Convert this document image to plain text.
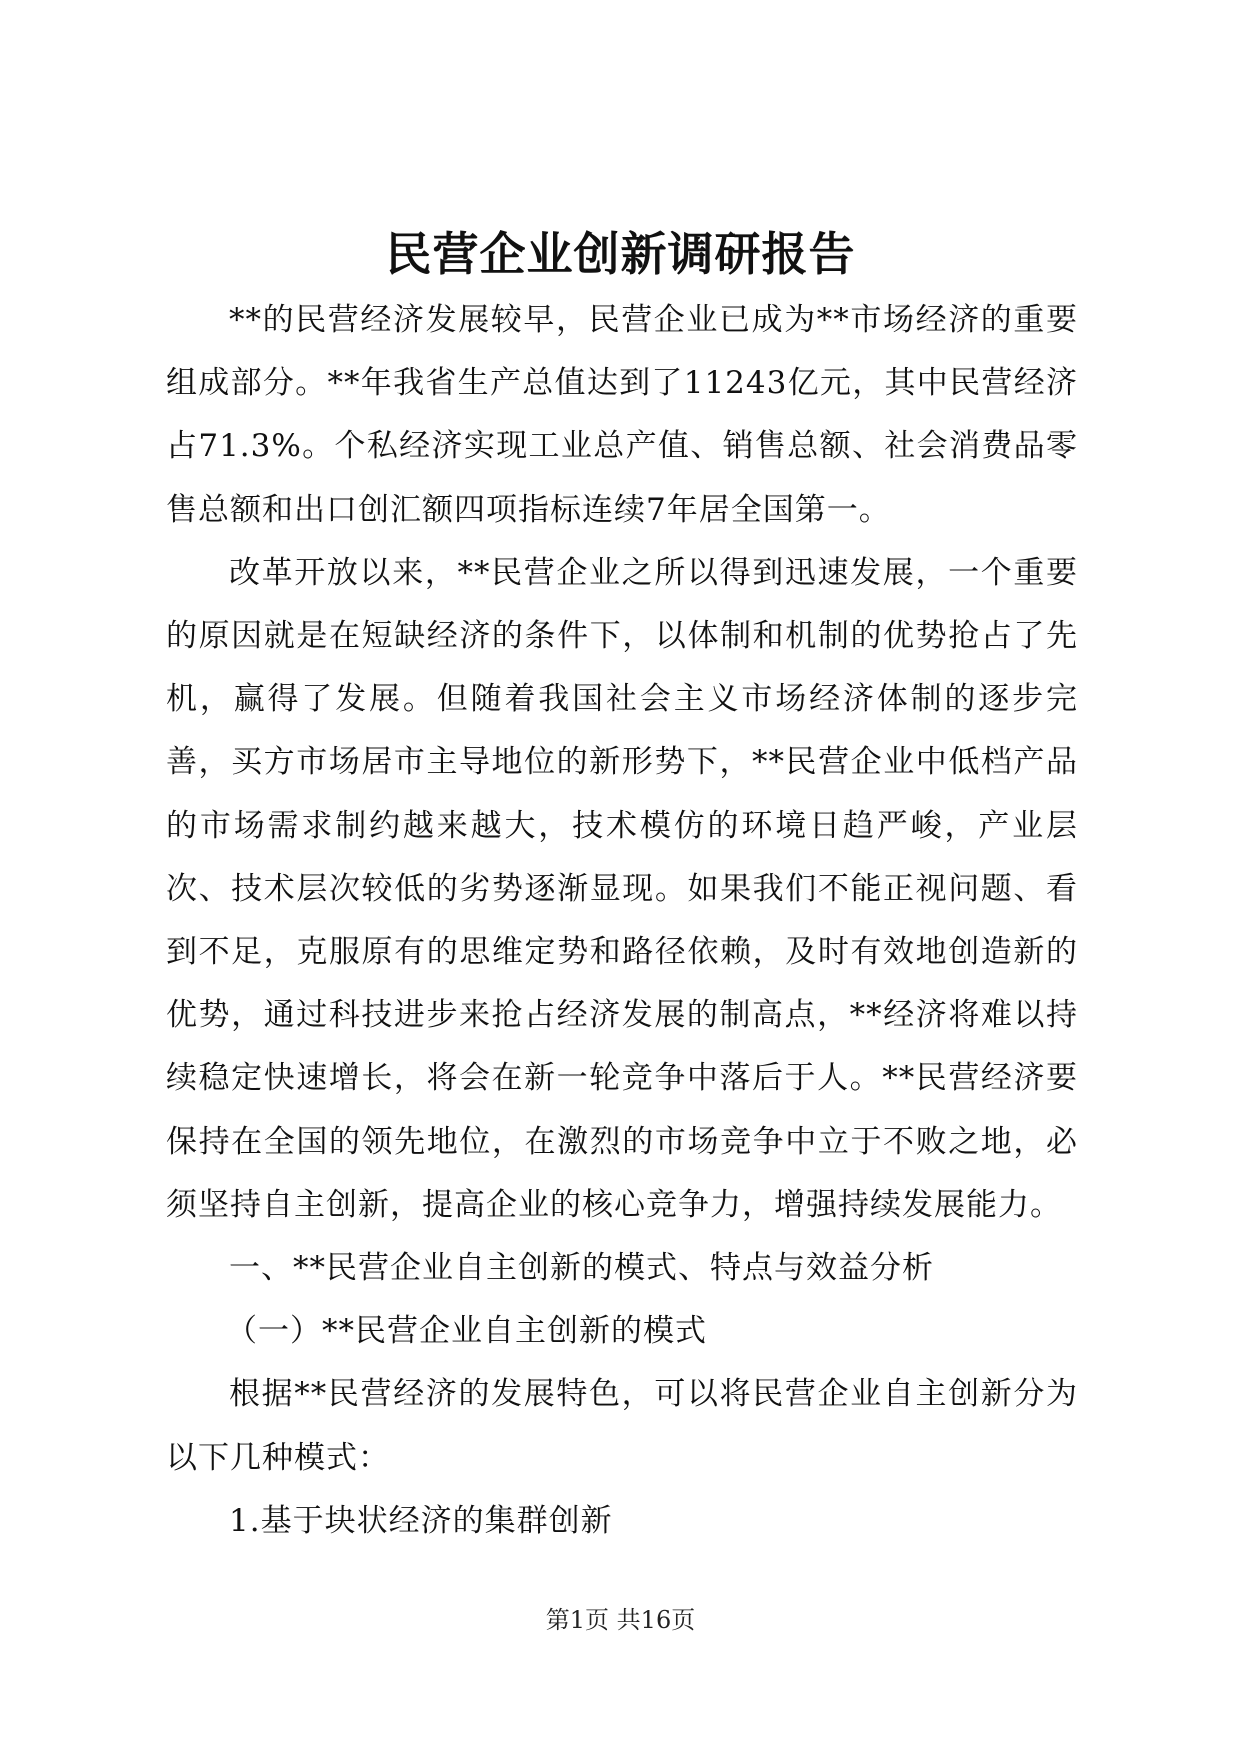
民营企业创新调研报告

**的民营经济发展较早，民营企业已成为**市场经济的重要组成部分。**年我省生产总值达到了11243亿元，其中民营经济占71.3%。个私经济实现工业总产值、销售总额、社会消费品零售总额和出口创汇额四项指标连续7年居全国第一。

改革开放以来，**民营企业之所以得到迅速发展，一个重要的原因就是在短缺经济的条件下，以体制和机制的优势抢占了先机，赢得了发展。但随着我国社会主义市场经济体制的逐步完善，买方市场居市主导地位的新形势下，**民营企业中低档产品的市场需求制约越来越大，技术模仿的环境日趋严峻，产业层次、技术层次较低的劣势逐渐显现。如果我们不能正视问题、看到不足，克服原有的思维定势和路径依赖，及时有效地创造新的优势，通过科技进步来抢占经济发展的制高点，**经济将难以持续稳定快速增长，将会在新一轮竞争中落后于人。**民营经济要保持在全国的领先地位，在激烈的市场竞争中立于不败之地，必须坚持自主创新，提高企业的核心竞争力，增强持续发展能力。

一、**民营企业自主创新的模式、特点与效益分析

（一）**民营企业自主创新的模式

根据**民营经济的发展特色，可以将民营企业自主创新分为以下几种模式：

1.基于块状经济的集群创新

第1页 共16页
